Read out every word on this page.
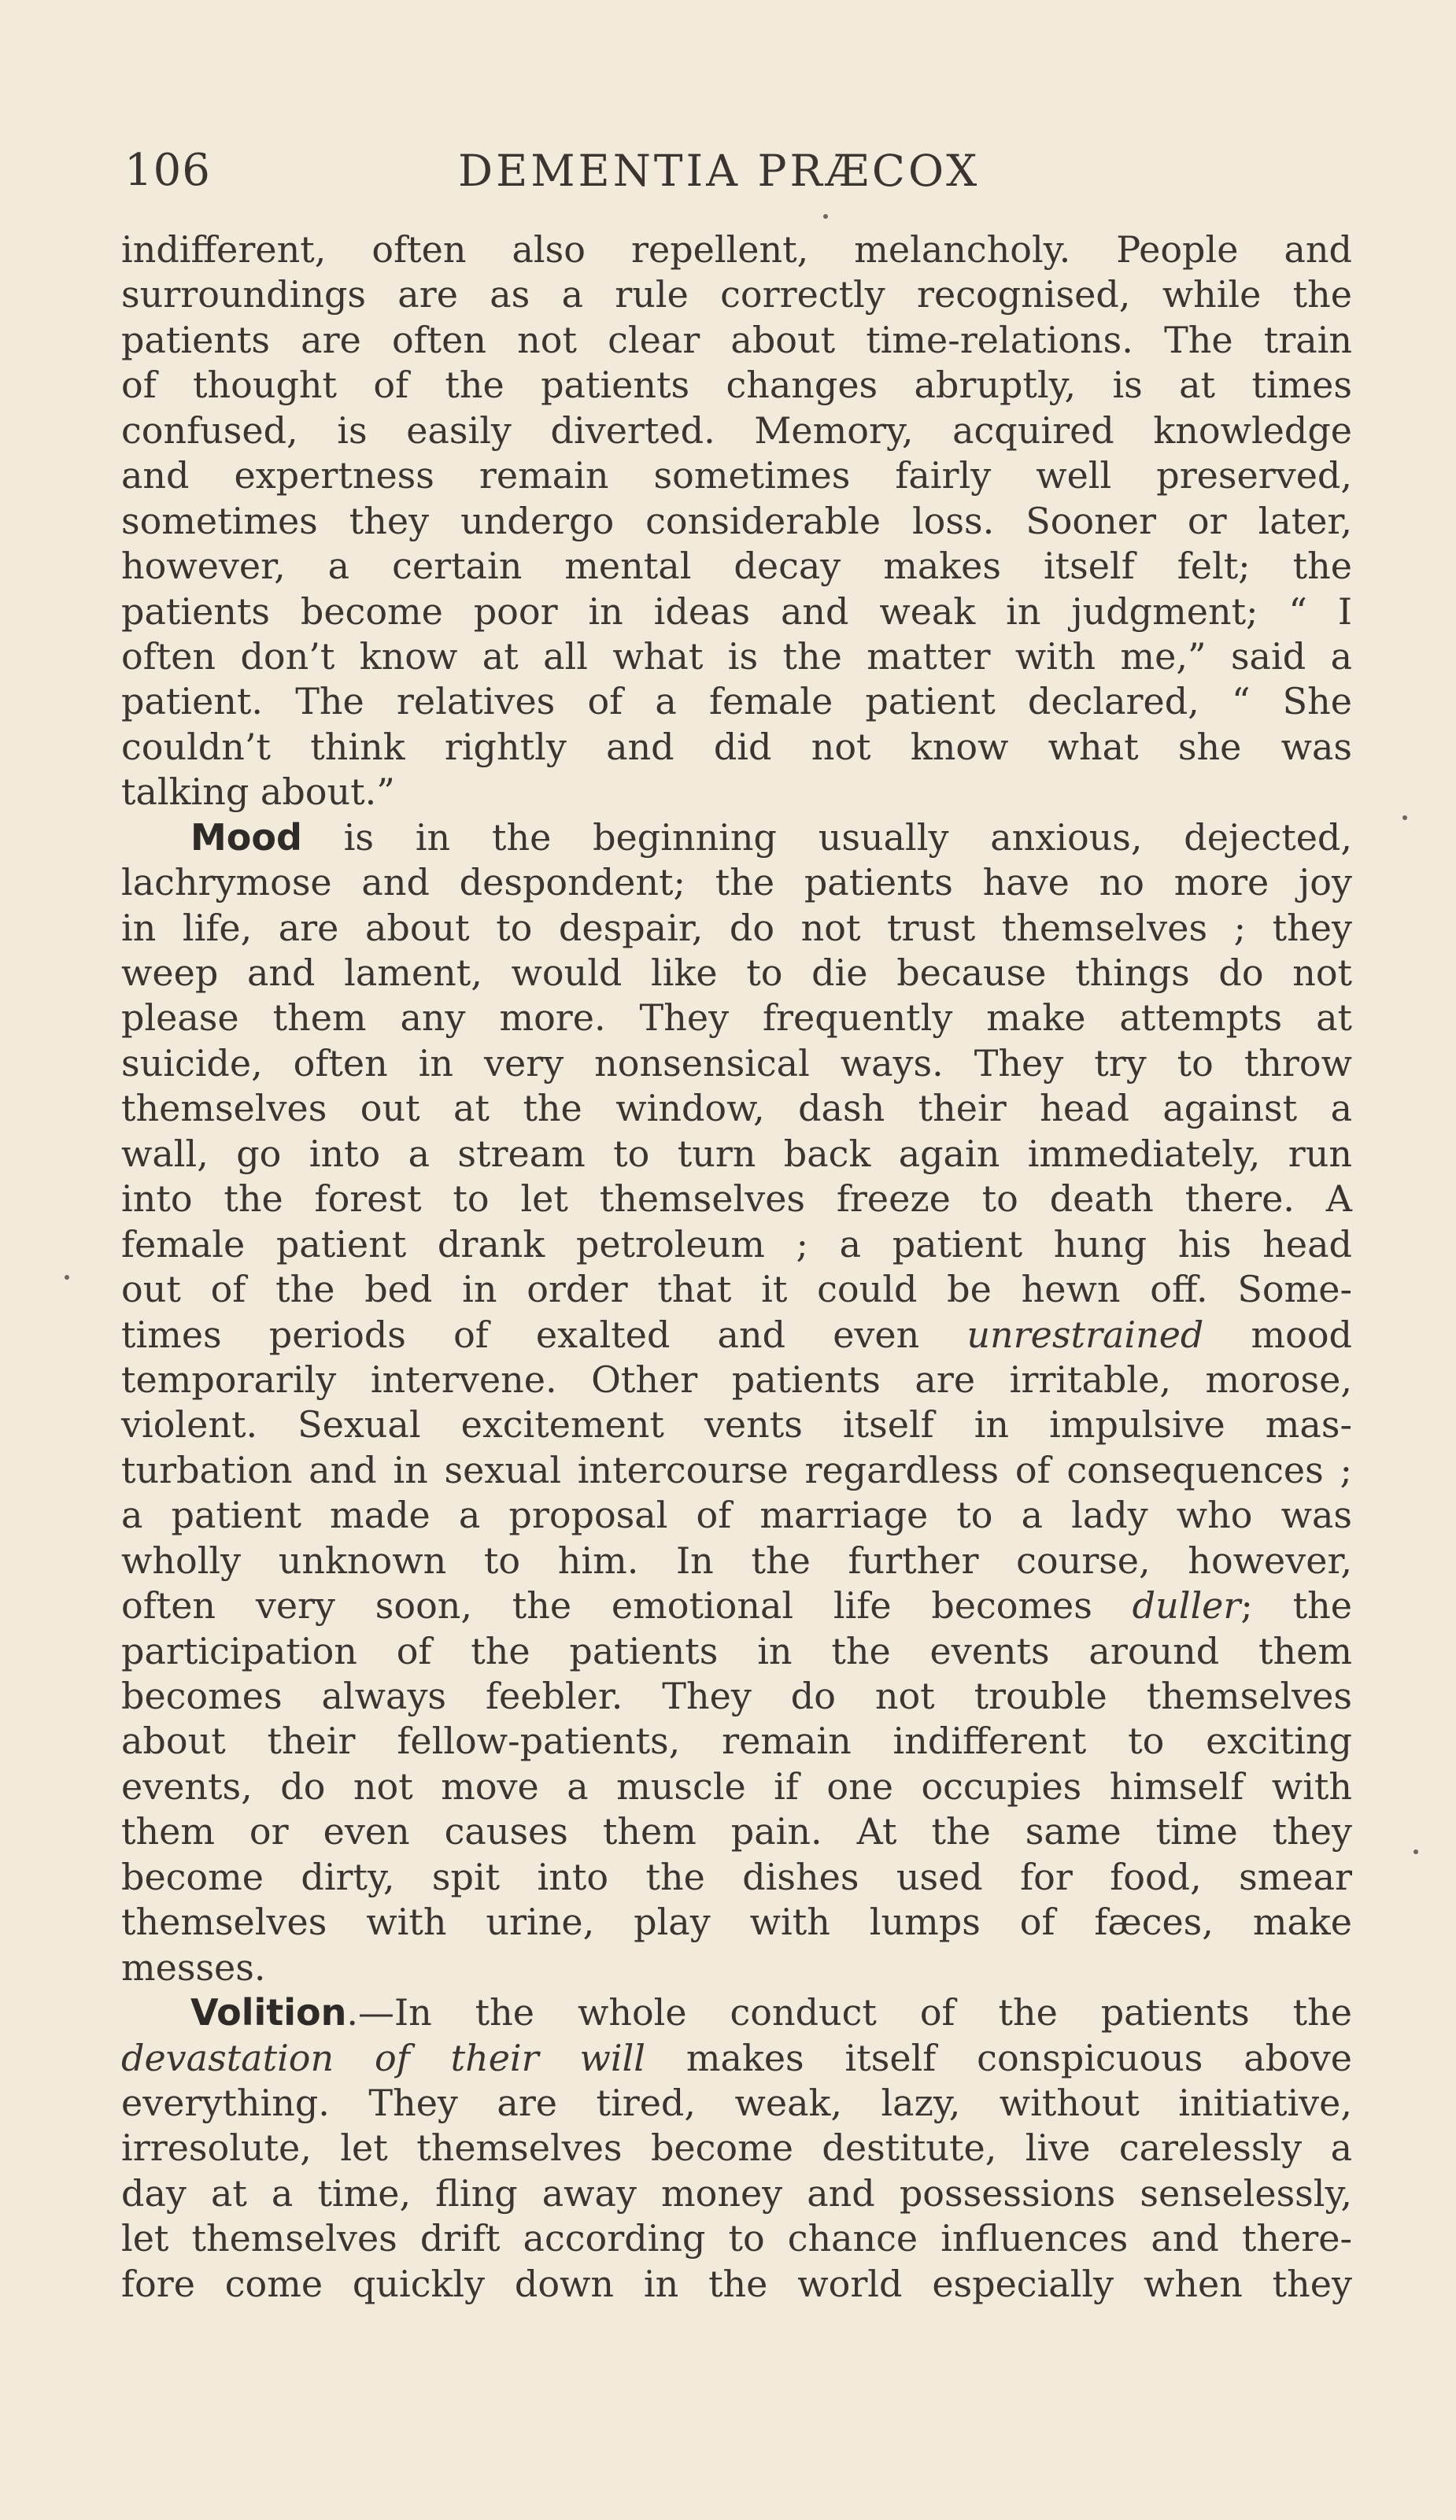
106	DEMENTIA PRÆCOX
indifferent, often also repellent, melancholy. People and
surroundings are as a rule correctly recognised, while the
patients are often not clear about time-relations. The train
of thought of the patients changes abruptly, is at times
confused, is easily diverted. Memory, acquired knowledge
and expertness remain sometimes fairly well preserved,
sometimes they undergo considerable loss. Sooner or later,
however, a certain mental decay makes itself felt; the
patients become poor in ideas and weak in judgment; “ I
often don’t know at all what is the matter with me,” said a
patient. The relatives of a female patient declared, “ She
couldn’t think rightly and did not know what she was
talking about.”
Mood is in the beginning usually anxious, dejected,
lachrymose and despondent; the patients have no more joy
in life, are about to despair, do not trust themselves ; they
weep and lament, would like to die because things do not
please them any more. They frequently make attempts at
suicide, often in very nonsensical ways. They try to throw
themselves out at the window, dash their head against a
wall, go into a stream to turn back again immediately, run
into the forest to let themselves freeze to death there. A
female patient drank petroleum ; a patient hung his head
out of the bed in order that it could be hewn off. Some-
times periods of exalted and even unrestrained mood
temporarily intervene. Other patients are irritable, morose,
violent. Sexual excitement vents itself in impulsive mas-
turbation and in sexual intercourse regardless of consequences ;
a patient made a proposal of marriage to a lady who was
wholly unknown to him. In the further course, however,
often very soon, the emotional life becomes duller; the
participation of the patients in the events around them
becomes always feebler. They do not trouble themselves
about their fellow-patients, remain indifferent to exciting
events, do not move a muscle if one occupies himself with
them or even causes them pain. At the same time they
become dirty, spit into the dishes used for food, smear
themselves with urine, play with lumps of fæces, make
messes.
Volition.—In the whole conduct of the patients the
devastation of their will makes itself conspicuous above
everything. They are tired, weak, lazy, without initiative,
irresolute, let themselves become destitute, live carelessly a
day at a time, fling away money and possessions senselessly,
let themselves drift according to chance influences and there-
fore come quickly down in the world especially when they
